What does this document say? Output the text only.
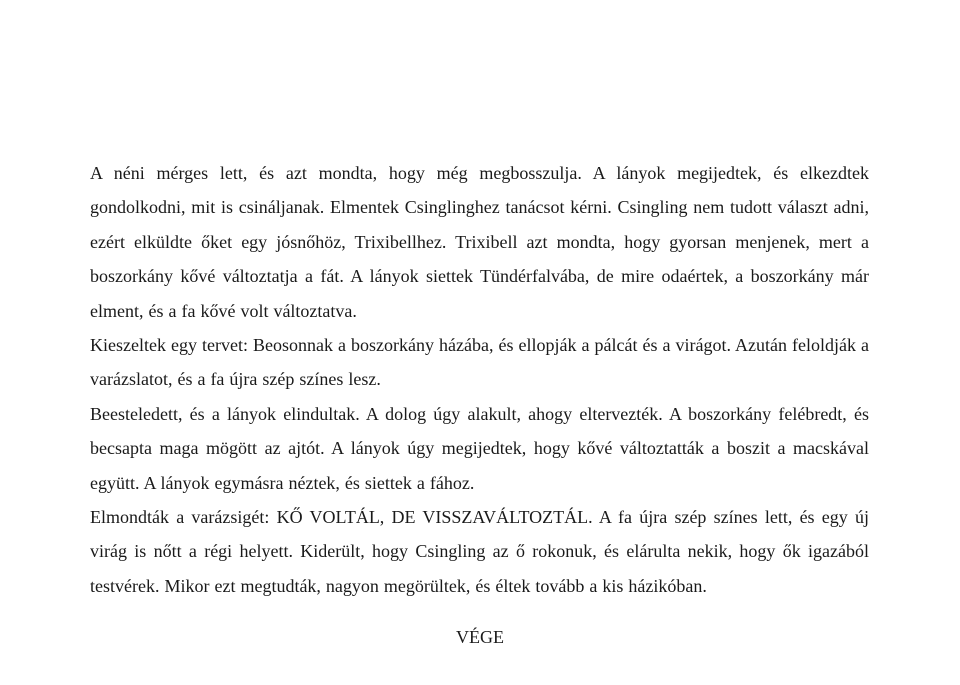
A néni mérges lett, és azt mondta, hogy még megbosszulja. A lányok megijedtek, és elkezdtek gondolkodni, mit is csináljanak. Elmentek Csinglinghez tanácsot kérni. Csingling nem tudott választ adni, ezért elküldte őket egy jósnőhöz, Trixibellhez. Trixibell azt mondta, hogy gyorsan menjenek, mert a boszorkány kővé változtatja a fát. A lányok siettek Tündérfalvába, de mire odaértek, a boszorkány már elment, és a fa kővé volt változtatva.

Kieszeltek egy tervet: Beosonnak a boszorkány házába, és ellopják a pálcát és a virágot. Azután feloldják a varázslatot, és a fa újra szép színes lesz.

Beesteledett, és a lányok elindultak. A dolog úgy alakult, ahogy eltervezték. A boszorkány felébredt, és becsapta maga mögött az ajtót. A lányok úgy megijedtek, hogy kővé változtatták a boszit a macskával együtt. A lányok egymásra néztek, és siettek a fához.

Elmondták a varázsigét: KŐ VOLTÁL, DE VISSZAVÁLTOZTÁL. A fa újra szép színes lett, és egy új virág is nőtt a régi helyett. Kiderült, hogy Csingling az ő rokonuk, és elárulta nekik, hogy ők igazából testvérek. Mikor ezt megtudták, nagyon megörültek, és éltek tovább a kis házikóban.

VÉGE
